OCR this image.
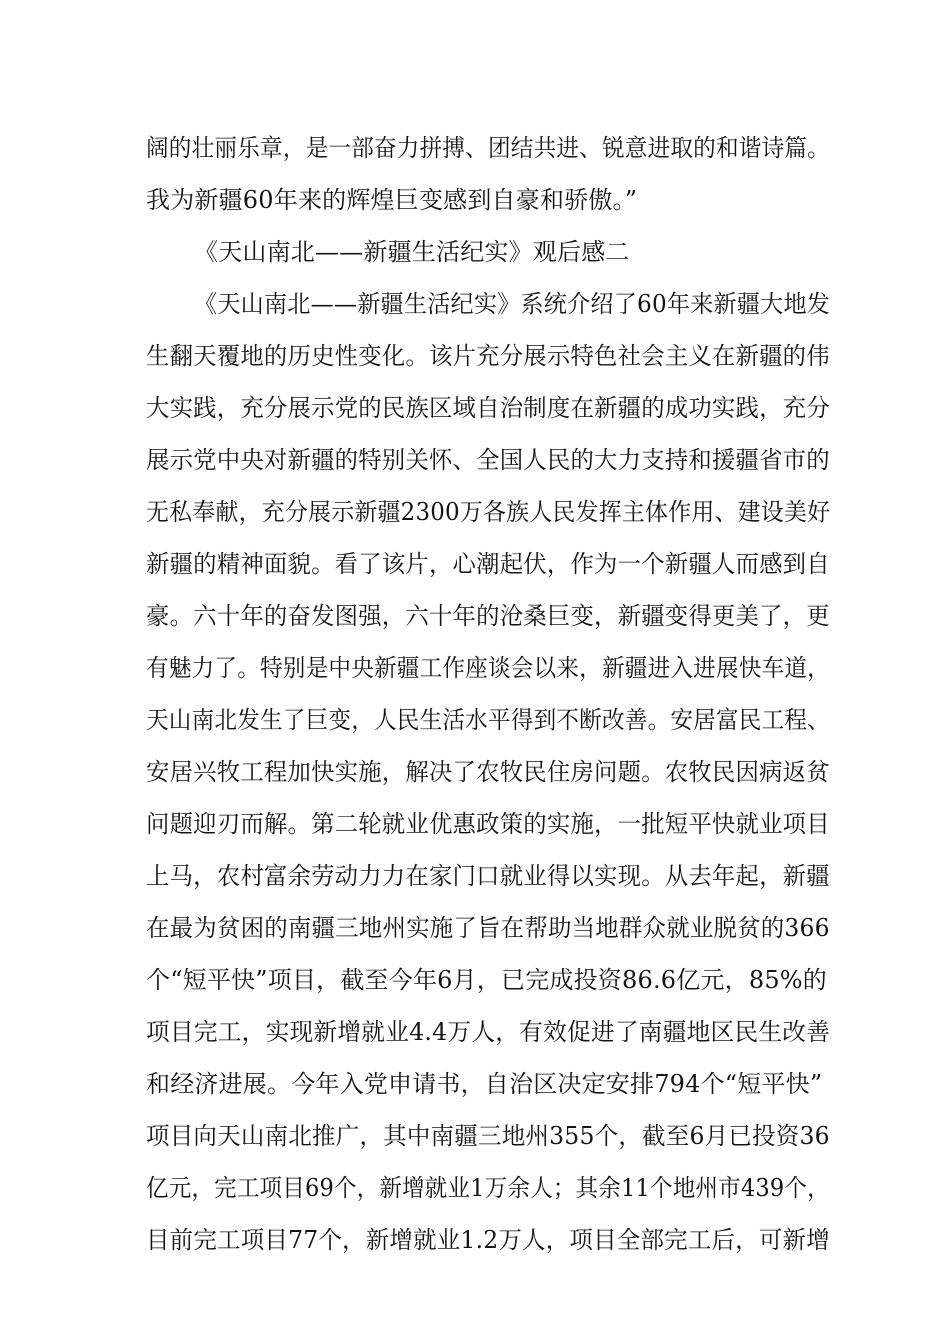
阔的壮丽乐章，是一部奋力拼搏、团结共进、锐意进取的和谐诗篇。
我为新疆60年来的辉煌巨变感到自豪和骄傲。”
《天山南北——新疆生活纪实》观后感二
《天山南北——新疆生活纪实》系统介绍了60年来新疆大地发
生翻天覆地的历史性变化。该片充分展示特色社会主义在新疆的伟
大实践，充分展示党的民族区域自治制度在新疆的成功实践，充分
展示党中央对新疆的特别关怀、全国人民的大力支持和援疆省市的
无私奉献，充分展示新疆2300万各族人民发挥主体作用、建设美好
新疆的精神面貌。看了该片，心潮起伏，作为一个新疆人而感到自
豪。六十年的奋发图强，六十年的沧桑巨变，新疆变得更美了，更
有魅力了。特别是中央新疆工作座谈会以来，新疆进入进展快车道，
天山南北发生了巨变，人民生活水平得到不断改善。安居富民工程、
安居兴牧工程加快实施，解决了农牧民住房问题。农牧民因病返贫
问题迎刃而解。第二轮就业优惠政策的实施，一批短平快就业项目
上马，农村富余劳动力力在家门口就业得以实现。从去年起，新疆
在最为贫困的南疆三地州实施了旨在帮助当地群众就业脱贫的366
个“短平快”项目，截至今年6月，已完成投资86.6亿元，85%的
项目完工，实现新增就业4.4万人，有效促进了南疆地区民生改善
和经济进展。今年入党申请书，自治区决定安排794个“短平快”
项目向天山南北推广，其中南疆三地州355个，截至6月已投资36
亿元，完工项目69个，新增就业1万余人；其余11个地州市439个，
目前完工项目77个，新增就业1.2万人，项目全部完工后，可新增
